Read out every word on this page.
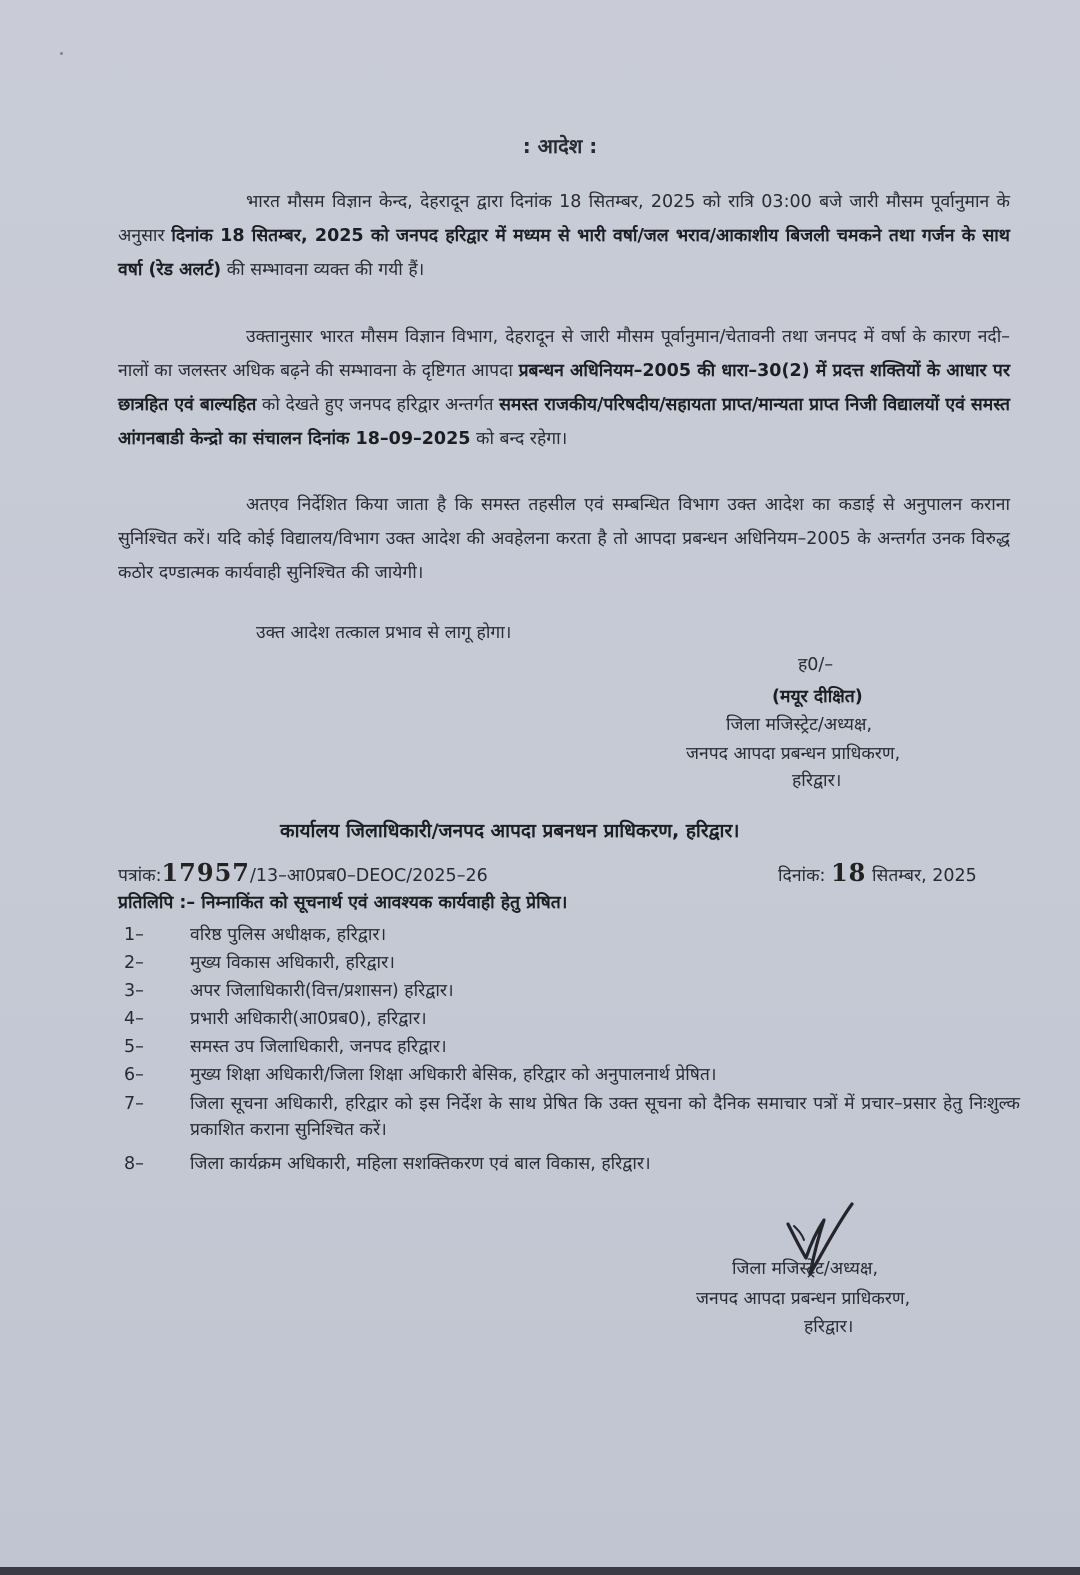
: आदेश :

भारत मौसम विज्ञान केन्द, देहरादून द्वारा दिनांक 18 सितम्बर, 2025 को रात्रि 03:00 बजे जारी मौसम पूर्वानुमान के अनुसार दिनांक 18 सितम्बर, 2025 को जनपद हरिद्वार में मध्यम से भारी वर्षा/जल भराव/आकाशीय बिजली चमकने तथा गर्जन के साथ वर्षा (रेड अलर्ट) की सम्भावना व्यक्त की गयी हैं।

उक्तानुसार भारत मौसम विज्ञान विभाग, देहरादून से जारी मौसम पूर्वानुमान/चेतावनी तथा जनपद में वर्षा के कारण नदी–नालों का जलस्तर अधिक बढ़ने की सम्भावना के दृष्टिगत आपदा प्रबन्धन अधिनियम–2005 की धारा–30(2) में प्रदत्त शक्तियों के आधार पर छात्रहित एवं बाल्यहित को देखते हुए जनपद हरिद्वार अन्तर्गत समस्त राजकीय/परिषदीय/सहायता प्राप्त/मान्यता प्राप्त निजी विद्यालयों एवं समस्त आंगनबाडी केन्द्रो का संचालन दिनांक 18–09–2025 को बन्द रहेगा।

अतएव निर्देशित किया जाता है कि समस्त तहसील एवं सम्बन्धित विभाग उक्त आदेश का कडाई से अनुपालन कराना सुनिश्चित करें। यदि कोई विद्यालय/विभाग उक्त आदेश की अवहेलना करता है तो आपदा प्रबन्धन अधिनियम–2005 के अन्तर्गत उनक विरुद्ध कठोर दण्डात्मक कार्यवाही सुनिश्चित की जायेगी।

उक्त आदेश तत्काल प्रभाव से लागू होगा।

ह0/–
(मयूर दीक्षित)
जिला मजिस्ट्रेट/अध्यक्ष,
जनपद आपदा प्रबन्धन प्राधिकरण,
हरिद्वार।
कार्यालय जिलाधिकारी/जनपद आपदा प्रबनधन प्राधिकरण, हरिद्वार।
पत्रांक:17957/13–आ0प्रब0–DEOC/2025–26	दिनांक: 18 सितम्बर, 2025
प्रतिलिपि :– निम्नाकिंत को सूचनार्थ एवं आवश्यक कार्यवाही हेतु प्रेषित।
1–	वरिष्ठ पुलिस अधीक्षक, हरिद्वार।
2–	मुख्य विकास अधिकारी, हरिद्वार।
3–	अपर जिलाधिकारी(वित्त/प्रशासन) हरिद्वार।
4–	प्रभारी अधिकारी(आ0प्रब0), हरिद्वार।
5–	समस्त उप जिलाधिकारी, जनपद हरिद्वार।
6–	मुख्य शिक्षा अधिकारी/जिला शिक्षा अधिकारी बेसिक, हरिद्वार को अनुपालनार्थ प्रेषित।
7–	जिला सूचना अधिकारी, हरिद्वार को इस निर्देश के साथ प्रेषित कि उक्त सूचना को दैनिक समाचार पत्रों में प्रचार–प्रसार हेतु निःशुल्क प्रकाशित कराना सुनिश्चित करें।
8–	जिला कार्यक्रम अधिकारी, महिला सशक्तिकरण एवं बाल विकास, हरिद्वार।
जिला मजिस्ट्रेट/अध्यक्ष,
जनपद आपदा प्रबन्धन प्राधिकरण,
हरिद्वार।
